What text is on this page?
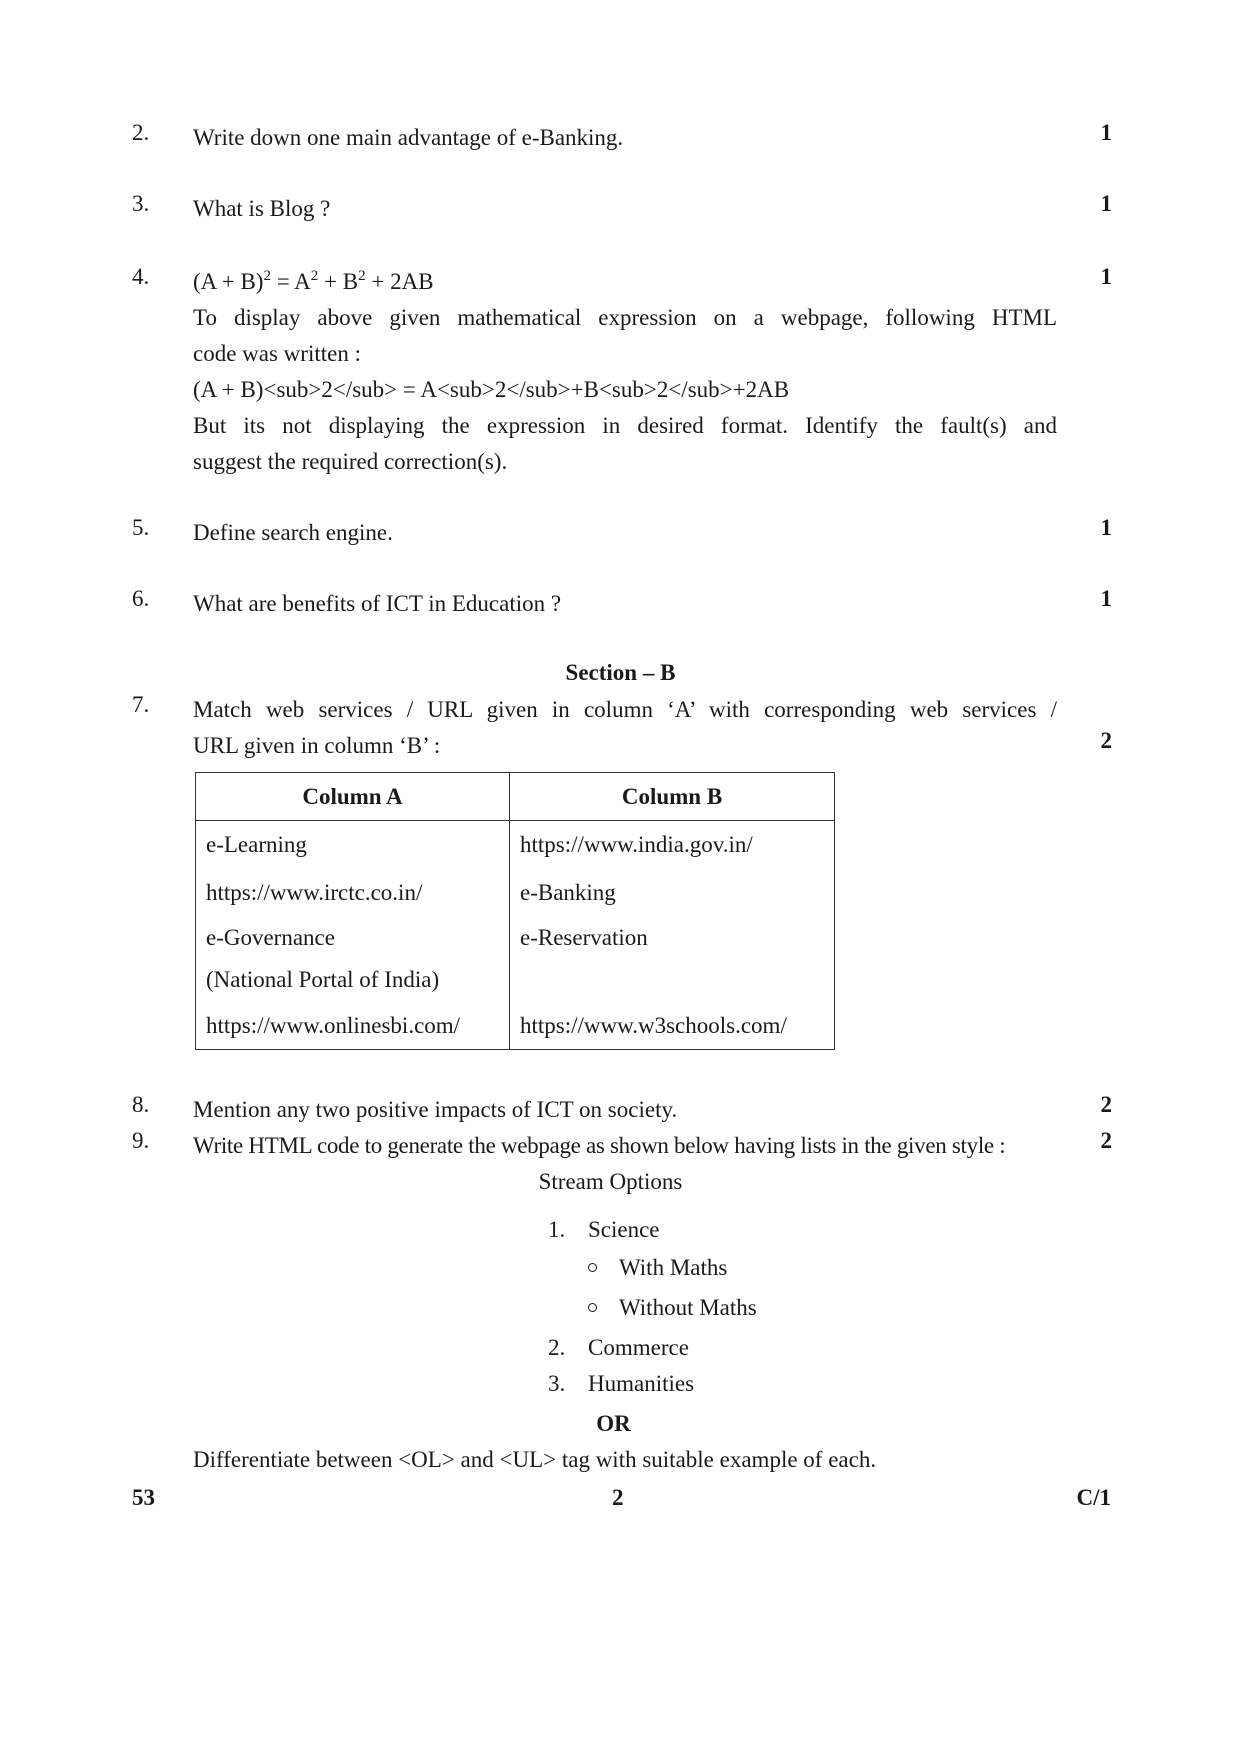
2. Write down one main advantage of e-Banking.	1
3. What is Blog ?	1
4. $(A + B)^2 = A^2 + B^2 + 2AB$
To display above given mathematical expression on a webpage, following HTML
code was written :
(A + B)<sub>2</sub> = A<sub>2</sub>+B<sub>2</sub>+2AB
But its not displaying the expression in desired format. Identify the fault(s) and
suggest the required correction(s).
1
5. Define search engine.	1
6. What are benefits of ICT in Education ?	1
Section – B
7. Match web services / URL given in column ‘A’ with corresponding web services /
URL given in column ‘B’ :	2
Column A	Column B
e-Learning	https://www.india.gov.in/
https://www.irctc.co.in/	e-Banking

e-Governance
(National Portal of India)	e-Reservation

https://www.onlinesbi.com/	https://www.w3schools.com/
8. Mention any two positive impacts of ICT on society.	2
9. Write HTML code to generate the webpage as shown below having lists in the given style :	2
Stream Options
1. Science
With Maths
Without Maths
2. Commerce
3. Humanities
OR
Differentiate between <OL> and <UL> tag with suitable example of each.
53	2	C/1
